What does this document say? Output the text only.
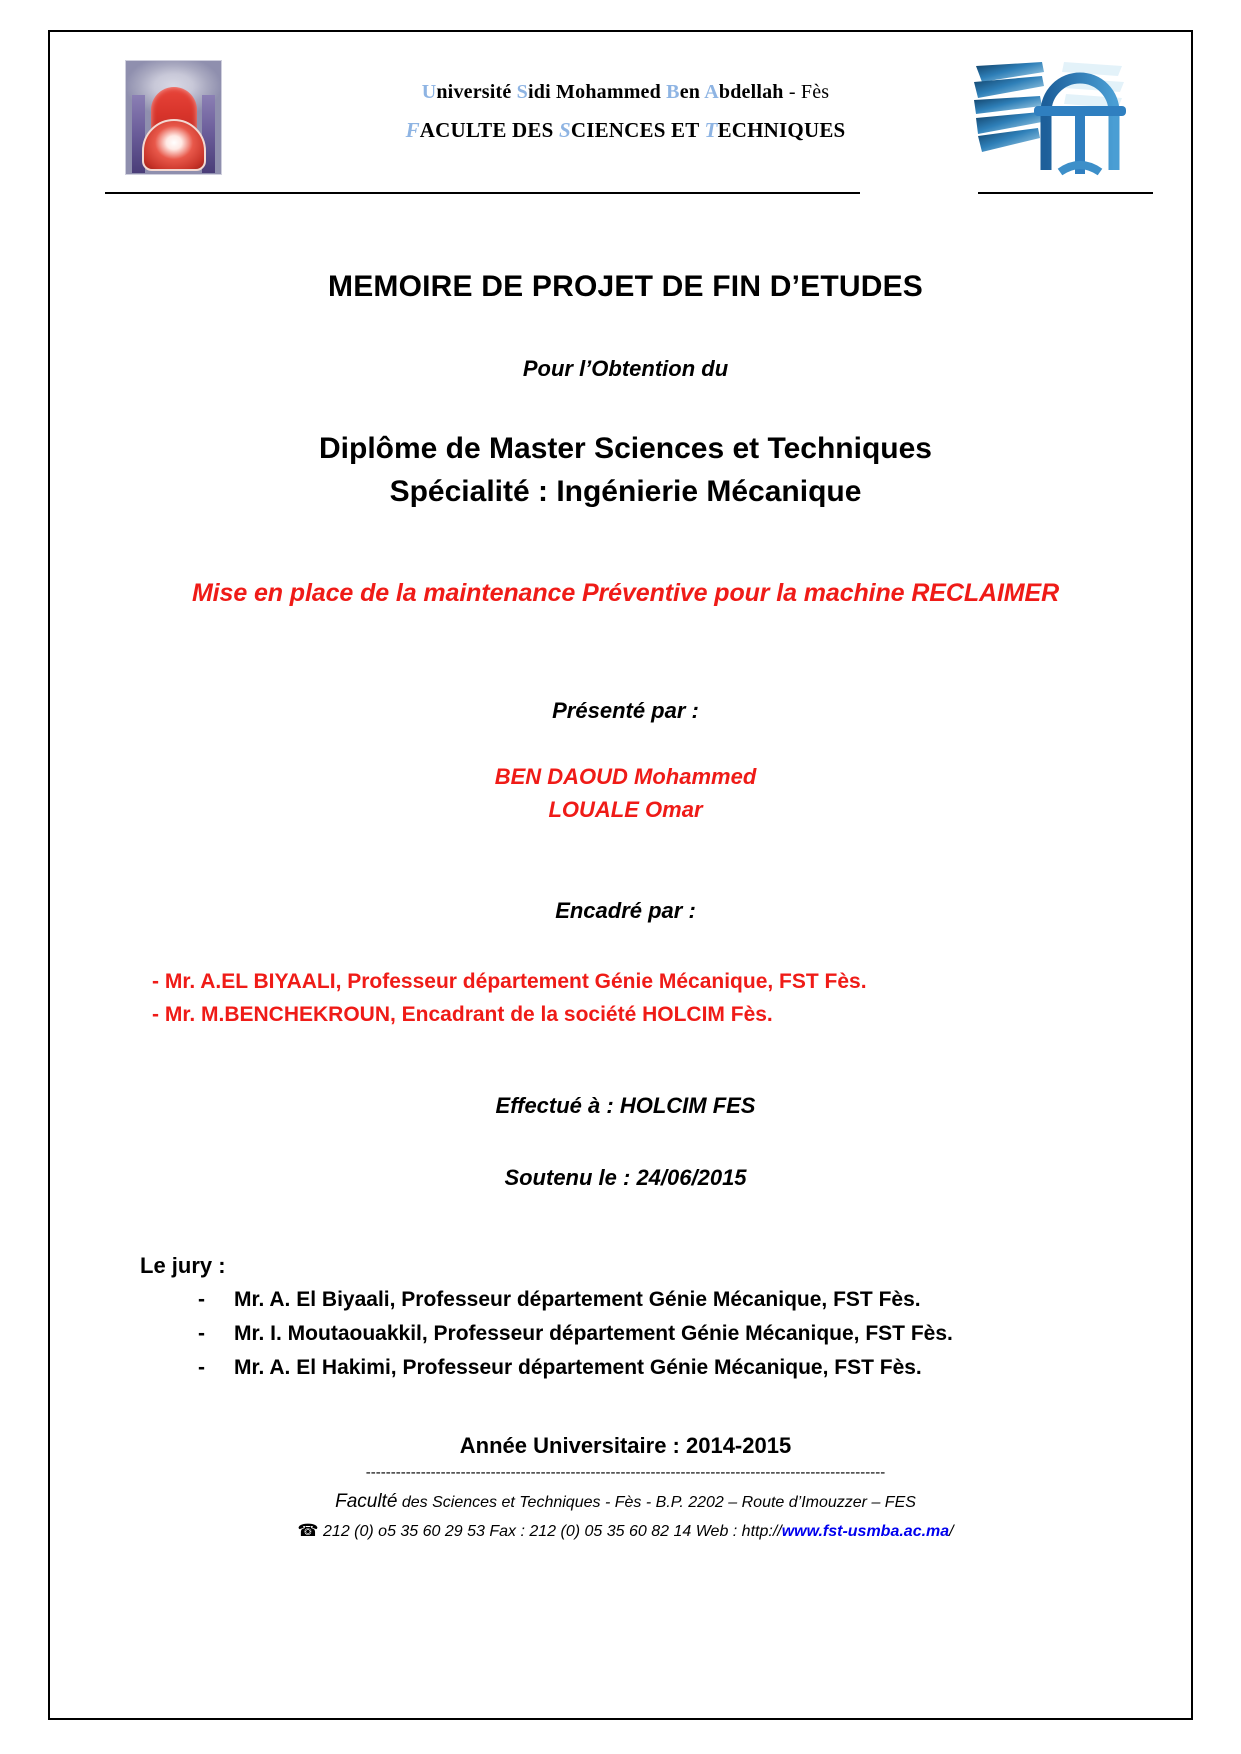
Université Sidi Mohammed Ben Abdellah - Fès
FACULTE DES SCIENCES ET TECHNIQUES
MEMOIRE DE PROJET DE FIN D’ETUDES
Pour l’Obtention du
Diplôme de Master Sciences et Techniques
Spécialité : Ingénierie Mécanique
Mise en place de la maintenance Préventive pour la machine RECLAIMER
Présenté par :
BEN DAOUD Mohammed
LOUALE Omar
Encadré par :
- Mr. A.EL BIYAALI, Professeur département Génie Mécanique, FST Fès.
- Mr. M.BENCHEKROUN, Encadrant de la société HOLCIM Fès.
Effectué à : HOLCIM FES
Soutenu le : 24/06/2015
Le jury :
-	Mr. A. El Biyaali, Professeur département Génie Mécanique, FST Fès.
-	Mr. I. Moutaouakkil, Professeur département Génie Mécanique, FST Fès.
-	Mr. A. El Hakimi, Professeur département Génie Mécanique, FST Fès.
Année Universitaire : 2014-2015
--------------------------------------------------------------------------------------------------------
Faculté des Sciences et Techniques - Fès - B.P. 2202 – Route d’Imouzzer – FES
☎ 212 (0) o5 35 60 29 53 Fax : 212 (0) 05 35 60 82 14 Web : http://www.fst-usmba.ac.ma/
